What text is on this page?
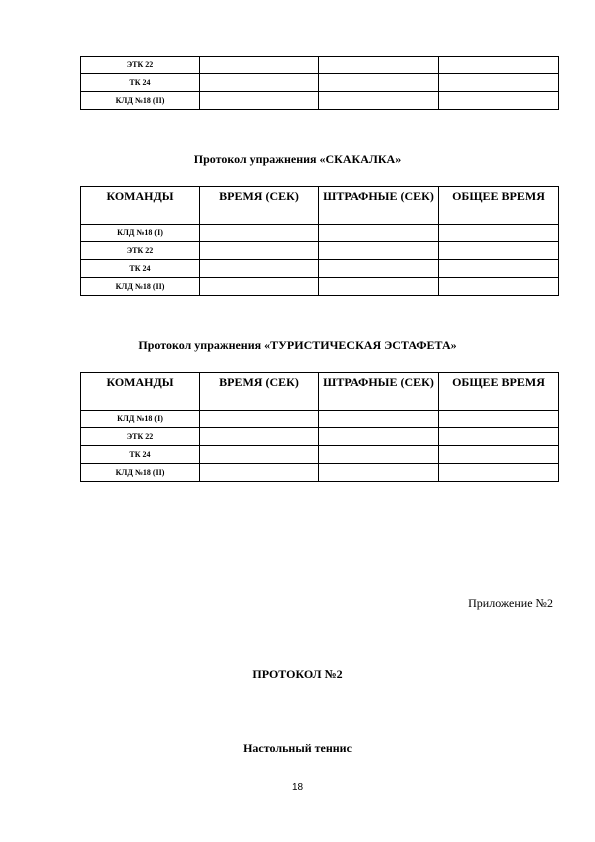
ЭТК 22			
ТК 24			
КЛД №18 (II)			
Протокол упражнения «СКАКАЛКА»
КОМАНДЫ	ВРЕМЯ (СЕК)	ШТРАФНЫЕ (СЕК)	ОБЩЕЕ ВРЕМЯ
КЛД №18 (I)			
ЭТК 22			
ТК 24			
КЛД №18 (II)			
Протокол упражнения «ТУРИСТИЧЕСКАЯ ЭСТАФЕТА»
КОМАНДЫ	ВРЕМЯ (СЕК)	ШТРАФНЫЕ (СЕК)	ОБЩЕЕ ВРЕМЯ
КЛД №18 (I)			
ЭТК 22			
ТК 24			
КЛД №18 (II)			
Приложение №2
ПРОТОКОЛ №2
Настольный теннис
18
